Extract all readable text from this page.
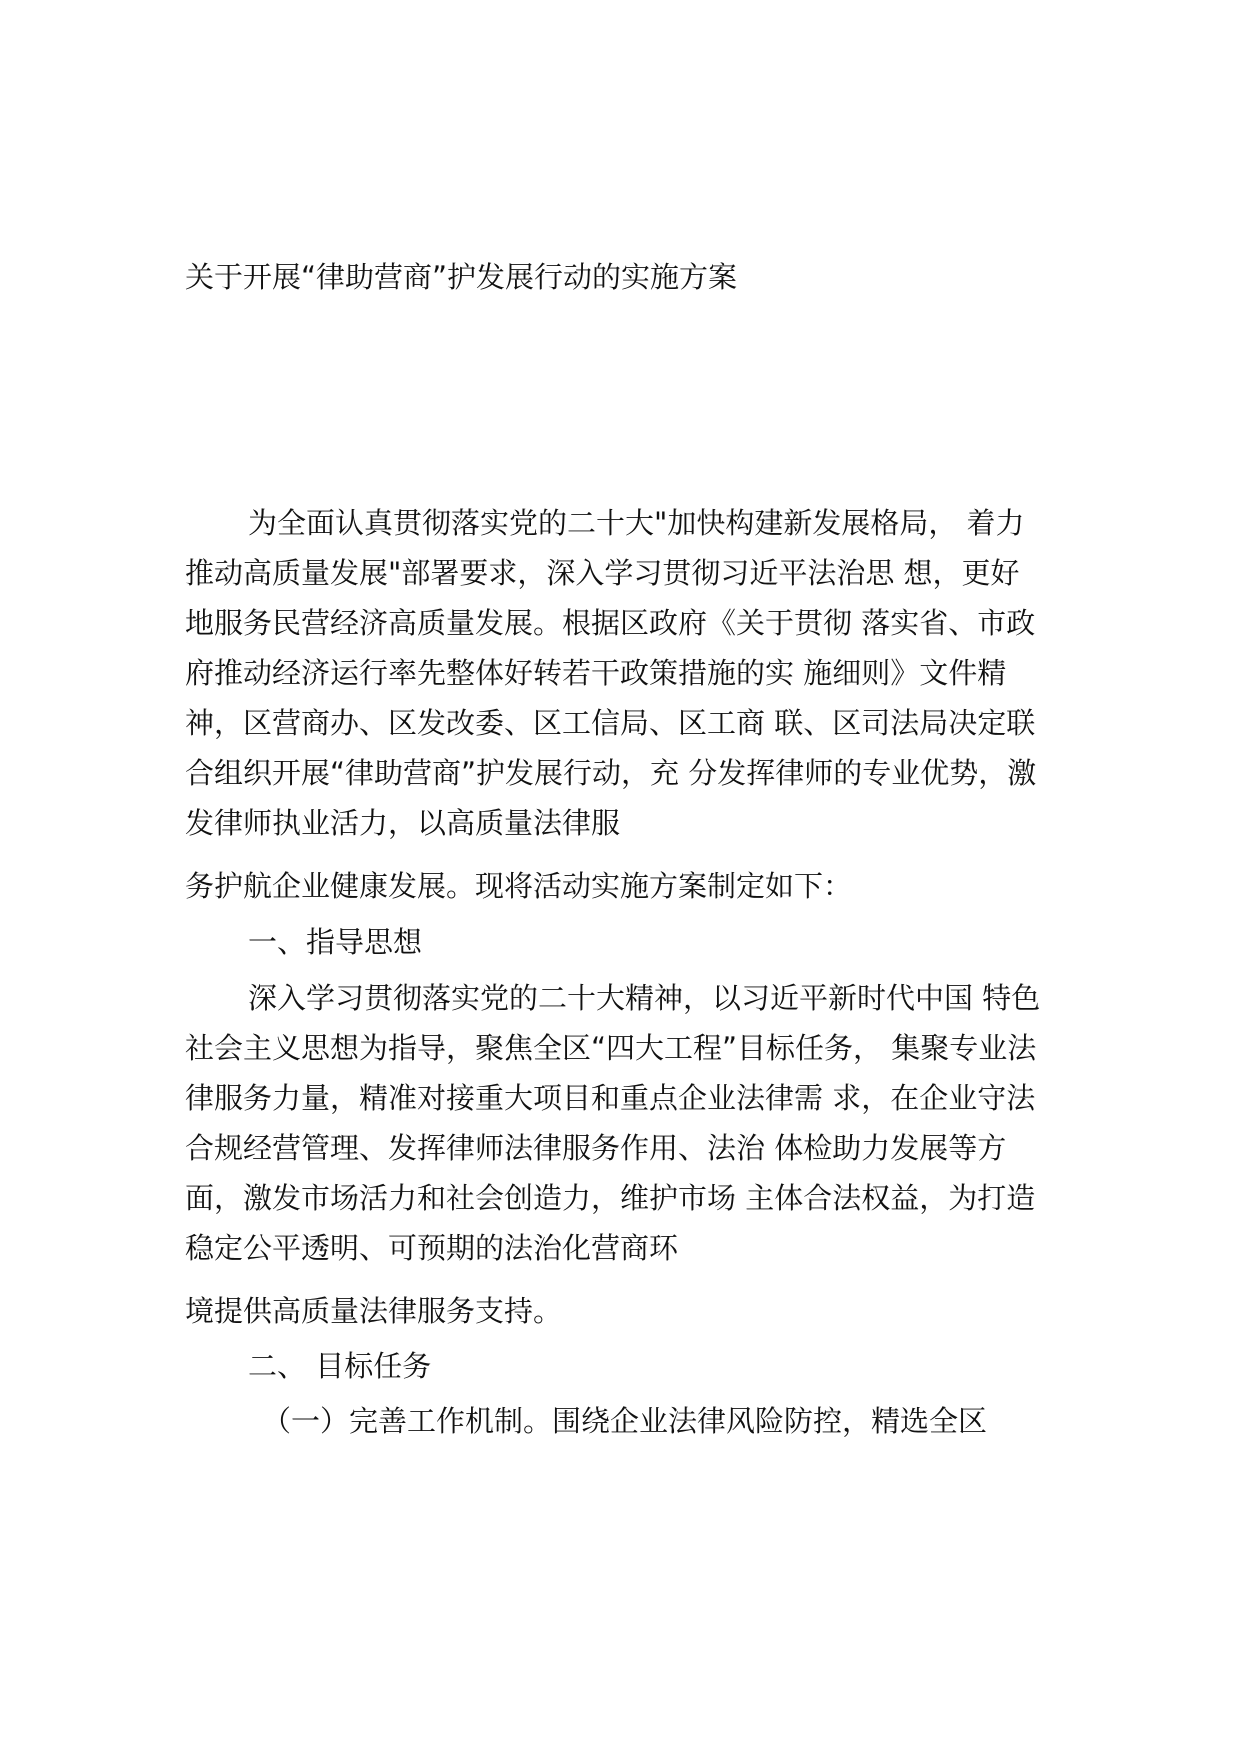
关于开展“律助营商”护发展行动的实施方案
为全面认真贯彻落实党的二十大"加快构建新发展格局， 着力
推动高质量发展"部署要求，深入学习贯彻习近平法治思 想，更好
地服务民营经济高质量发展。根据区政府《关于贯彻 落实省、市政
府推动经济运行率先整体好转若干政策措施的实 施细则》文件精
神，区营商办、区发改委、区工信局、区工商 联、区司法局决定联
合组织开展“律助营商”护发展行动，充 分发挥律师的专业优势，激
发律师执业活力，以高质量法律服
务护航企业健康发展。现将活动实施方案制定如下：
一、指导思想
深入学习贯彻落实党的二十大精神，以习近平新时代中国 特色
社会主义思想为指导，聚焦全区“四大工程”目标任务， 集聚专业法
律服务力量，精准对接重大项目和重点企业法律需 求，在企业守法
合规经营管理、发挥律师法律服务作用、法治 体检助力发展等方
面，激发市场活力和社会创造力，维护市场 主体合法权益，为打造
稳定公平透明、可预期的法治化营商环
境提供高质量法律服务支持。
二、 目标任务
（一）完善工作机制。围绕企业法律风险防控，精选全区
